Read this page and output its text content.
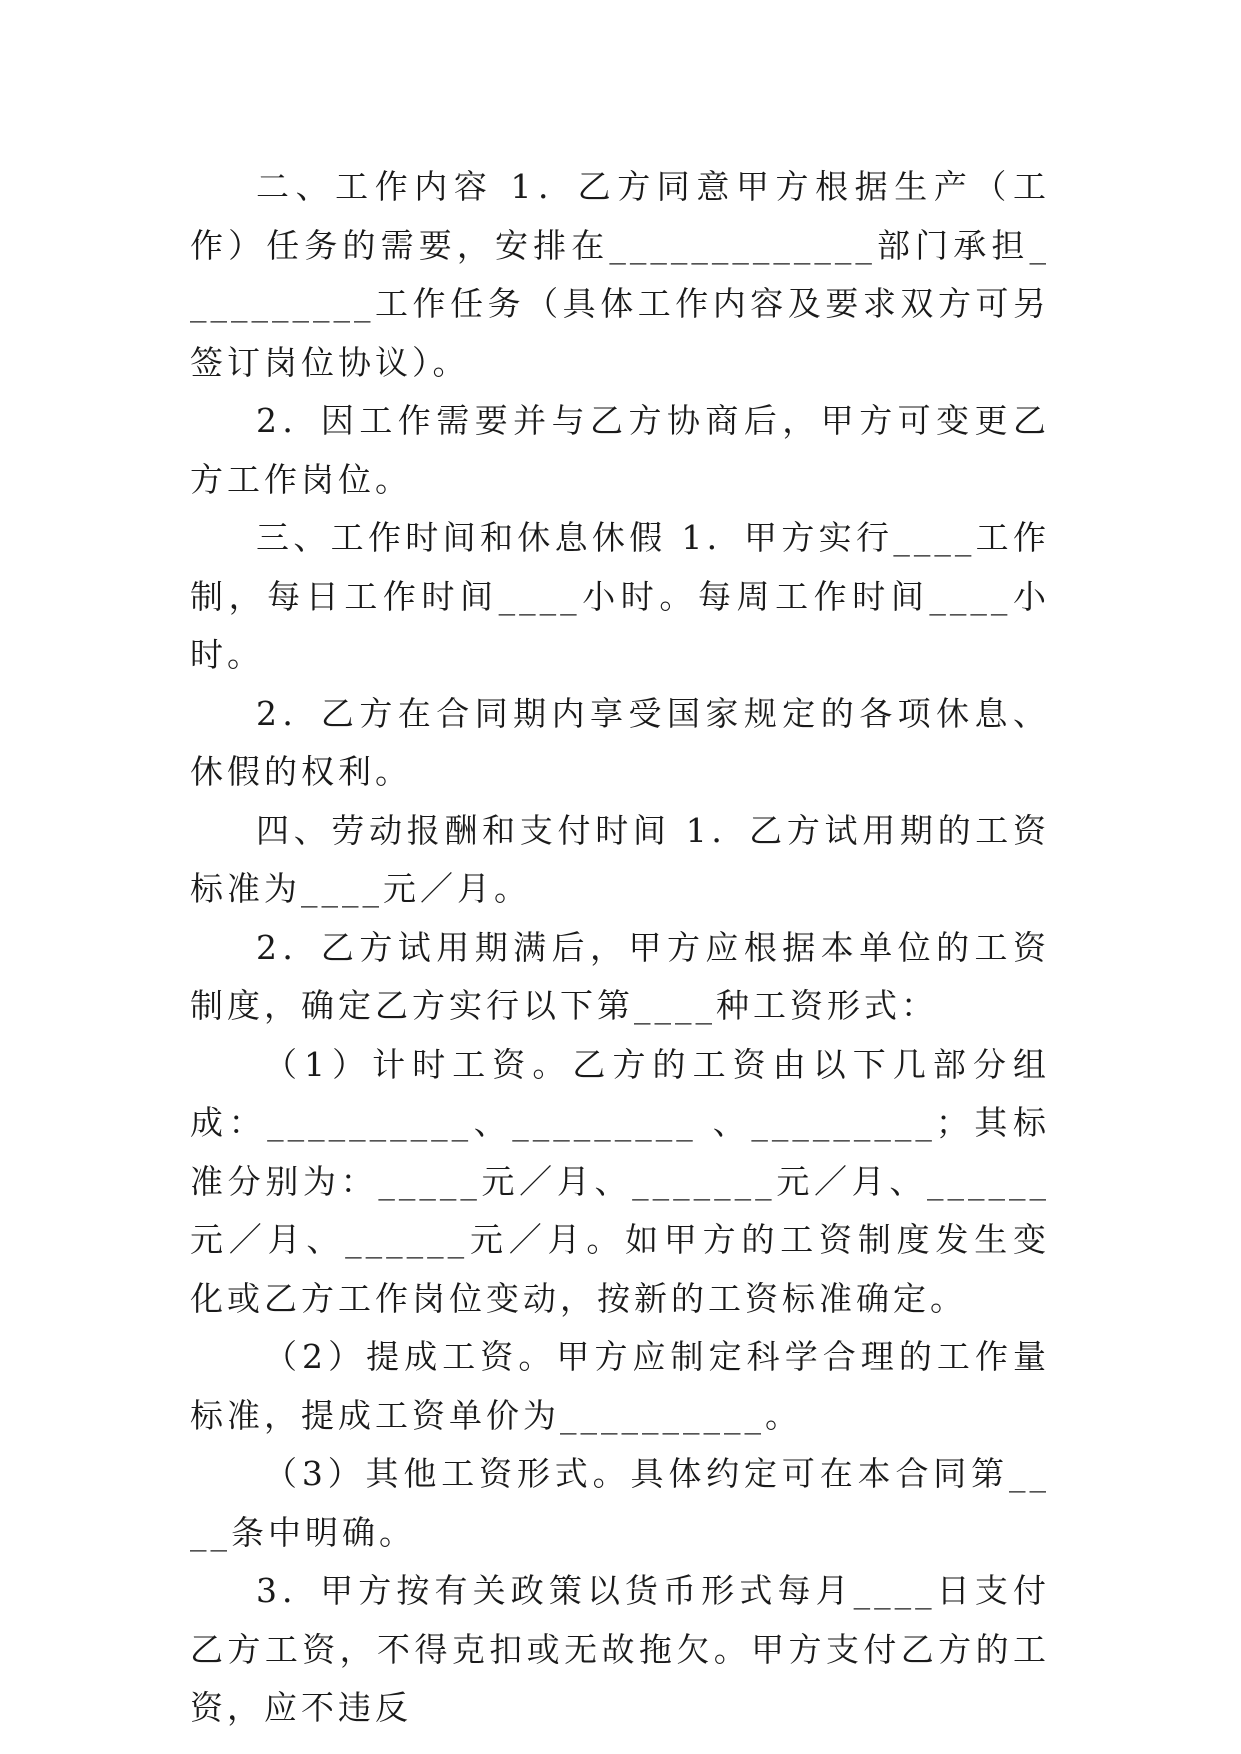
二、工作内容 1．乙方同意甲方根据生产（工作）任务的需要，安排在_____________部门承担__________工作任务（具体工作内容及要求双方可另签订岗位协议）。

2．因工作需要并与乙方协商后，甲方可变更乙方工作岗位。

三、工作时间和休息休假 1．甲方实行____工作制，每日工作时间____小时。每周工作时间____小时。

2．乙方在合同期内享受国家规定的各项休息、休假的权利。

四、劳动报酬和支付时间 1．乙方试用期的工资标准为____元／月。

2．乙方试用期满后，甲方应根据本单位的工资制度，确定乙方实行以下第____种工资形式：

（1）计时工资。乙方的工资由以下几部分组成：__________、_________ 、_________；其标准分别为：_____元／月、_______元／月、______元／月、______元／月。如甲方的工资制度发生变化或乙方工作岗位变动，按新的工资标准确定。

（2）提成工资。甲方应制定科学合理的工作量标准，提成工资单价为__________。

（3）其他工资形式。具体约定可在本合同第____条中明确。

3．甲方按有关政策以货币形式每月____日支付乙方工资，不得克扣或无故拖欠。甲方支付乙方的工资，应不违反
